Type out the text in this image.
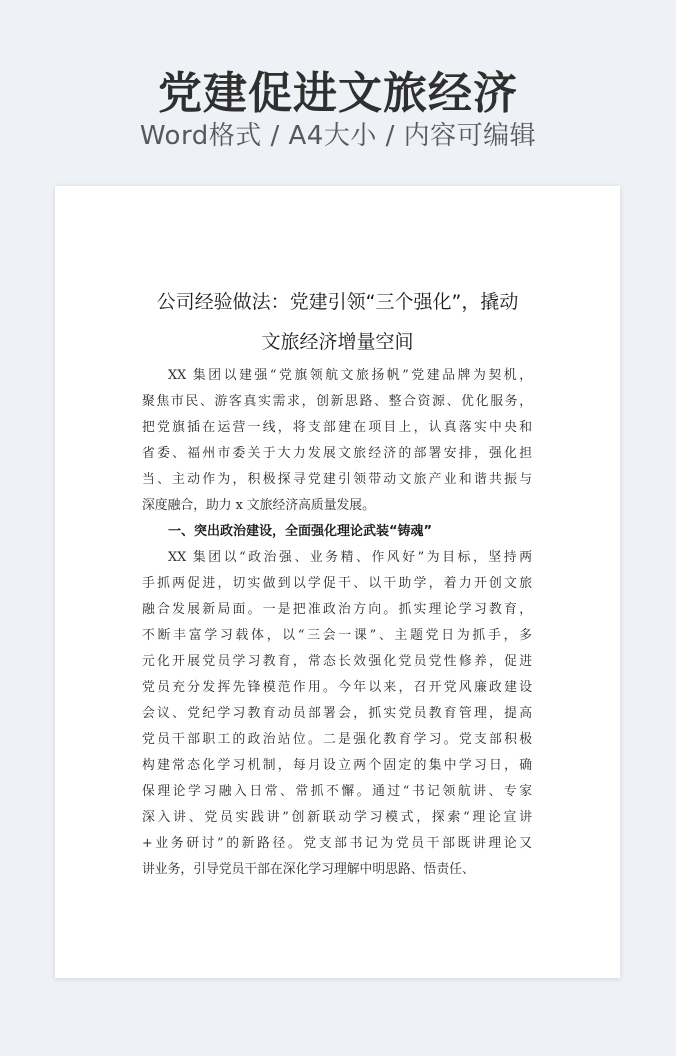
党建促进文旅经济
Word格式 / A4大小 / 内容可编辑
公司经验做法：党建引领“三个强化”，撬动
文旅经济增量空间
XX 集团以建强“党旗领航文旅扬帆”党建品牌为契机，
聚焦市民、游客真实需求，创新思路、整合资源、优化服务，
把党旗插在运营一线，将支部建在项目上，认真落实中央和
省委、福州市委关于大力发展文旅经济的部署安排，强化担
当、主动作为，积极探寻党建引领带动文旅产业和谐共振与
深度融合，助力 x 文旅经济高质量发展。
一、突出政治建设，全面强化理论武装“铸魂”
XX 集团以“政治强、业务精、作风好”为目标，坚持两
手抓两促进，切实做到以学促干、以干助学，着力开创文旅
融合发展新局面。一是把准政治方向。抓实理论学习教育，
不断丰富学习载体，以“三会一课”、主题党日为抓手，多
元化开展党员学习教育，常态长效强化党员党性修养，促进
党员充分发挥先锋模范作用。今年以来，召开党风廉政建设
会议、党纪学习教育动员部署会，抓实党员教育管理，提高
党员干部职工的政治站位。二是强化教育学习。党支部积极
构建常态化学习机制，每月设立两个固定的集中学习日，确
保理论学习融入日常、常抓不懈。通过“书记领航讲、专家
深入讲、党员实践讲”创新联动学习模式，探索“理论宣讲
+业务研讨”的新路径。党支部书记为党员干部既讲理论又
讲业务，引导党员干部在深化学习理解中明思路、悟责任、
